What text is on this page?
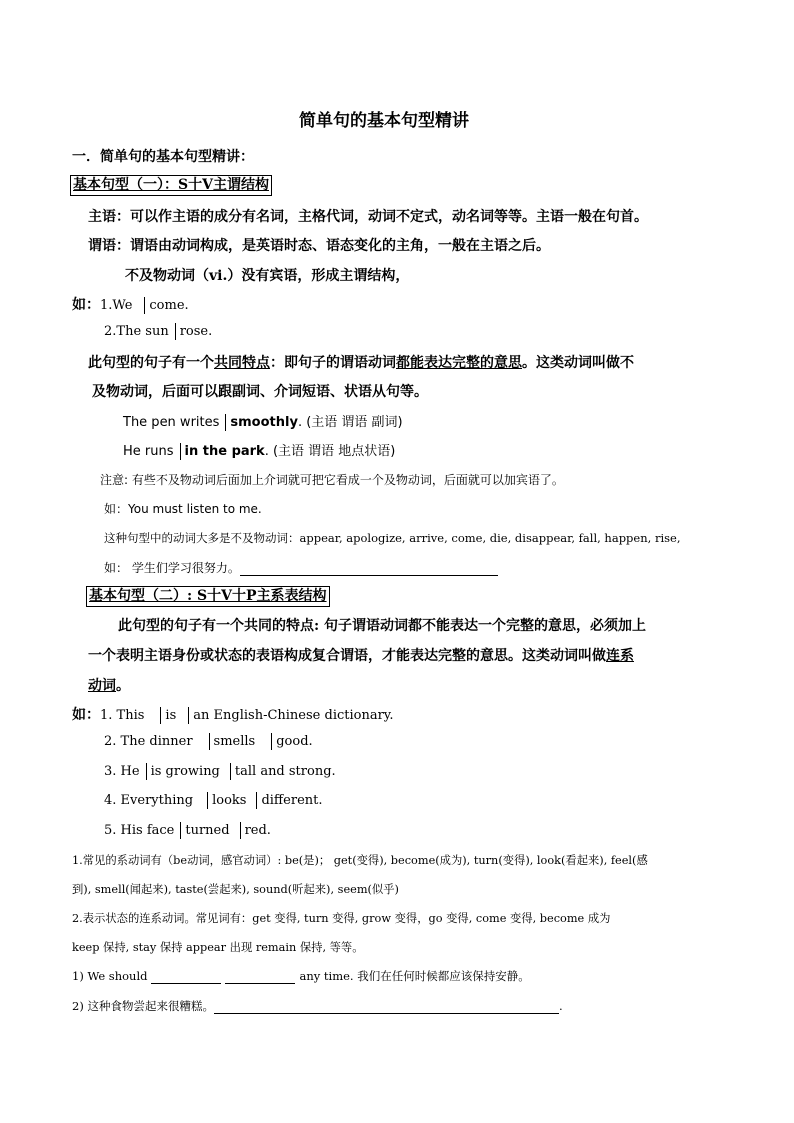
简单句的基本句型精讲
一．简单句的基本句型精讲：
基本句型（一）：S十V主谓结构
主语：可以作主语的成分有名词，主格代词，动词不定式，动名词等等。主语一般在句首。
谓语：谓语由动词构成，是英语时态、语态变化的主角，一般在主语之后。
不及物动词（vi.）没有宾语，形成主谓结构，
如：1.We come.
2.The sun rose.
此句型的句子有一个共同特点：即句子的谓语动词都能表达完整的意思。这类动词叫做不
及物动词，后面可以跟副词、介词短语、状语从句等。
The pen writes smoothly. (主语 谓语 副词)
He runs in the park. (主语 谓语 地点状语)
注意: 有些不及物动词后面加上介词就可把它看成一个及物动词，后面就可以加宾语了。
如：You must listen to me.
这种句型中的动词大多是不及物动词：appear, apologize, arrive, come, die, disappear, fall, happen, rise,
如： 学生们学习很努力。
基本句型（二）: S十V十P主系表结构
此句型的句子有一个共同的特点: 句子谓语动词都不能表达一个完整的意思，必须加上
一个表明主语身份或状态的表语构成复合谓语，才能表达完整的意思。这类动词叫做连系
动词。
如：1. This is an English-Chinese dictionary.
2. The dinner smells good.
3. He is growing tall and strong.
4. Everything looks different.
5. His face turned red.
1.常见的系动词有（be动词，感官动词）: be(是)； get(变得), become(成为), turn(变得), look(看起来), feel(感
到), smell(闻起来), taste(尝起来), sound(听起来), seem(似乎)
2.表示状态的连系动词。常见词有：get 变得, turn 变得, grow 变得，go 变得, come 变得, become 成为
keep 保持, stay 保持 appear 出现 remain 保持, 等等。
1) We should	any time. 我们在任何时候都应该保持安静。
2) 这种食物尝起来很糟糕。	.
